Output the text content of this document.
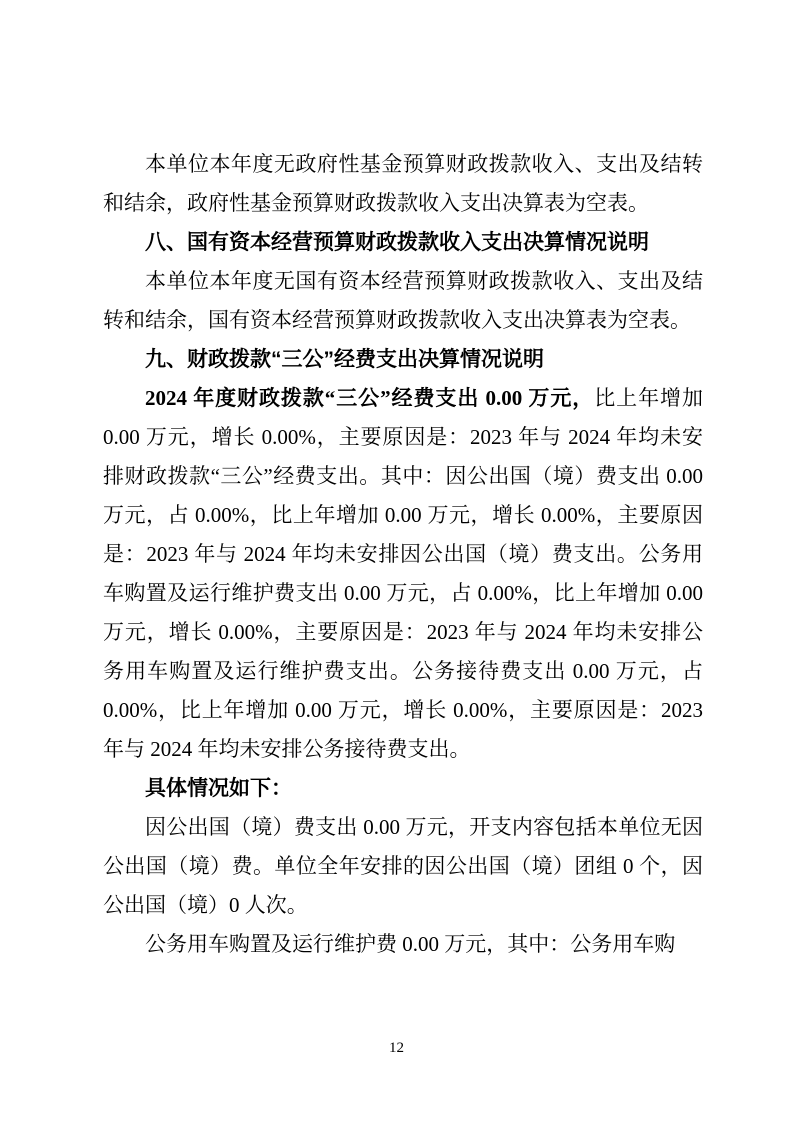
本单位本年度无政府性基金预算财政拨款收入、支出及结转和结余，政府性基金预算财政拨款收入支出决算表为空表。

八、国有资本经营预算财政拨款收入支出决算情况说明

本单位本年度无国有资本经营预算财政拨款收入、支出及结转和结余，国有资本经营预算财政拨款收入支出决算表为空表。

九、财政拨款“三公”经费支出决算情况说明

2024 年度财政拨款“三公”经费支出 0.00 万元，比上年增加 0.00 万元，增长 0.00%，主要原因是：2023 年与 2024 年均未安排财政拨款“三公”经费支出。其中：因公出国（境）费支出 0.00 万元，占 0.00%，比上年增加 0.00 万元，增长 0.00%，主要原因是：2023 年与 2024 年均未安排因公出国（境）费支出。公务用车购置及运行维护费支出 0.00 万元，占 0.00%，比上年增加 0.00 万元，增长 0.00%，主要原因是：2023 年与 2024 年均未安排公务用车购置及运行维护费支出。公务接待费支出 0.00 万元，占 0.00%，比上年增加 0.00 万元，增长 0.00%，主要原因是：2023 年与 2024 年均未安排公务接待费支出。

具体情况如下：

因公出国（境）费支出 0.00 万元，开支内容包括本单位无因公出国（境）费。单位全年安排的因公出国（境）团组 0 个，因公出国（境）0 人次。

公务用车购置及运行维护费 0.00 万元，其中：公务用车购

12
